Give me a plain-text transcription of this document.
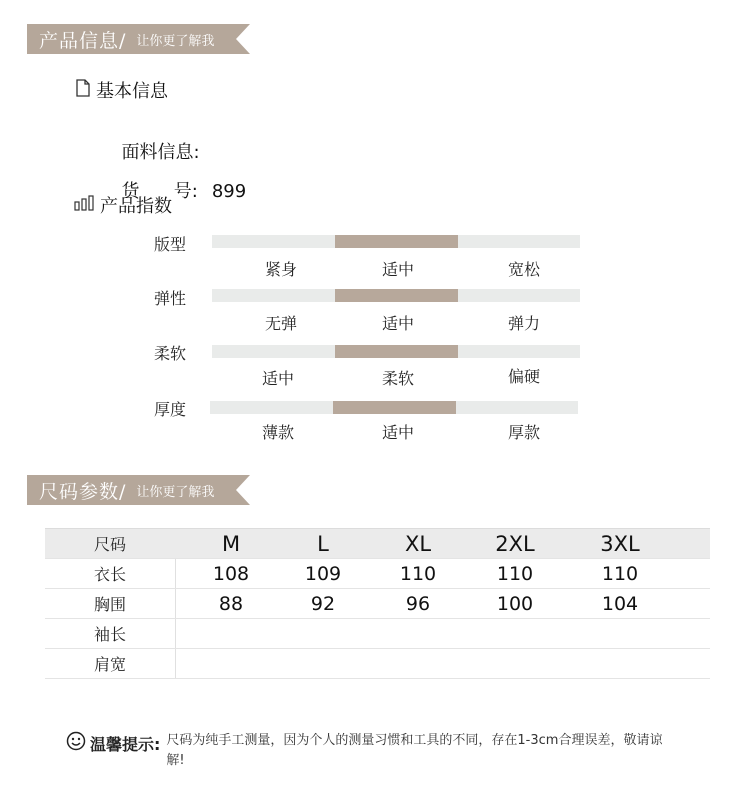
产品信息/ 让你更了解我
基本信息

面料信息:

货      号: 899

产品指数
版型
紧身	适中	宽松
弹性
无弹	适中	弹力
柔软
适中	柔软	偏硬
厚度
薄款	适中	厚款
尺码参数/ 让你更了解我
尺码	M	L	XL	2XL	3XL
衣长	108	109	110	110	110
胸围	88	92	96	100	104
袖长
肩宽
温馨提示: 尺码为纯手工测量，因为个人的测量习惯和工具的不同，存在1-3cm合理误差，敬请谅解!
